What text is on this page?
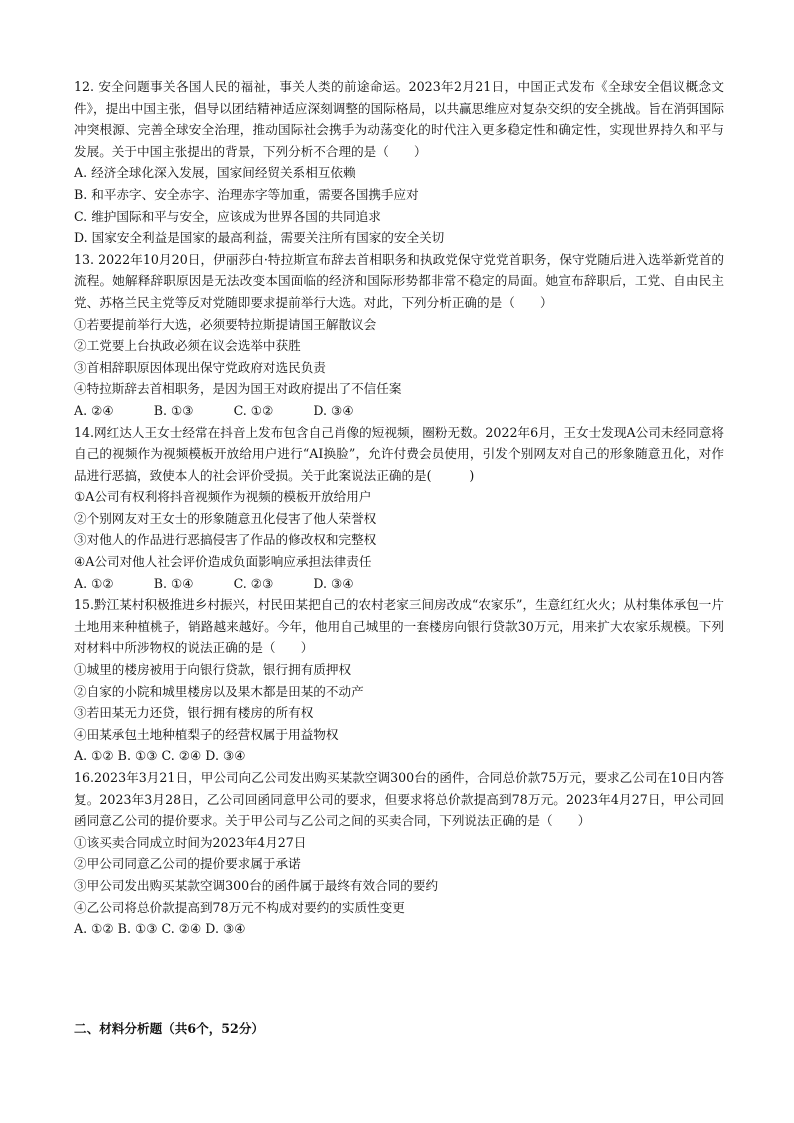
12. 安全问题事关各国人民的福祉，事关人类的前途命运。2023年2月21日，中国正式发布《全球安全倡议概念文件》，提出中国主张，倡导以团结精神适应深刻调整的国际格局，以共赢思维应对复杂交织的安全挑战。旨在消弭国际冲突根源、完善全球安全治理，推动国际社会携手为动荡变化的时代注入更多稳定性和确定性，实现世界持久和平与发展。关于中国主张提出的背景，下列分析不合理的是（　　）

A. 经济全球化深入发展，国家间经贸关系相互依赖

B. 和平赤字、安全赤字、治理赤字等加重，需要各国携手应对

C. 维护国际和平与安全，应该成为世界各国的共同追求

D. 国家安全利益是国家的最高利益，需要关注所有国家的安全关切

13. 2022年10月20日，伊丽莎白·特拉斯宣布辞去首相职务和执政党保守党党首职务，保守党随后进入选举新党首的流程。她解释辞职原因是无法改变本国面临的经济和国际形势都非常不稳定的局面。她宣布辞职后，工党、自由民主党、苏格兰民主党等反对党随即要求提前举行大选。对此，下列分析正确的是（　　）

①若要提前举行大选，必须要特拉斯提请国王解散议会

②工党要上台执政必须在议会选举中获胜

③首相辞职原因体现出保守党政府对选民负责

④特拉斯辞去首相职务，是因为国王对政府提出了不信任案

A. ②④          B. ①③          C. ①②          D. ③④

14.网红达人王女士经常在抖音上发布包含自己肖像的短视频，圈粉无数。2022年6月，王女士发现A公司未经同意将自己的视频作为视频模板开放给用户进行“AI换脸”，允许付费会员使用，引发个别网友对自己的形象随意丑化，对作品进行恶搞，致使本人的社会评价受损。关于此案说法正确的是(　　　)

①A公司有权利将抖音视频作为视频的模板开放给用户

②个别网友对王女士的形象随意丑化侵害了他人荣誉权

③对他人的作品进行恶搞侵害了作品的修改权和完整权

④A公司对他人社会评价造成负面影响应承担法律责任

A. ①②          B. ①④          C. ②③          D. ③④

15.黔江某村积极推进乡村振兴，村民田某把自己的农村老家三间房改成“农家乐”，生意红红火火；从村集体承包一片土地用来种植桃子，销路越来越好。今年，他用自己城里的一套楼房向银行贷款30万元，用来扩大农家乐规模。下列对材料中所涉物权的说法正确的是（　　）

①城里的楼房被用于向银行贷款，银行拥有质押权

②自家的小院和城里楼房以及果木都是田某的不动产

③若田某无力还贷，银行拥有楼房的所有权

④田某承包土地种植梨子的经营权属于用益物权

A. ①② B. ①③ C. ②④ D. ③④

16.2023年3月21日，甲公司向乙公司发出购买某款空调300台的函件，合同总价款75万元，要求乙公司在10日内答复。2023年3月28日，乙公司回函同意甲公司的要求，但要求将总价款提高到78万元。2023年4月27日，甲公司回函同意乙公司的提价要求。关于甲公司与乙公司之间的买卖合同，下列说法正确的是（　　）

①该买卖合同成立时间为2023年4月27日

②甲公司同意乙公司的提价要求属于承诺

③甲公司发出购买某款空调300台的函件属于最终有效合同的要约

④乙公司将总价款提高到78万元不构成对要约的实质性变更

A. ①② B. ①③ C. ②④ D. ③④

二、材料分析题（共6个，52分）
